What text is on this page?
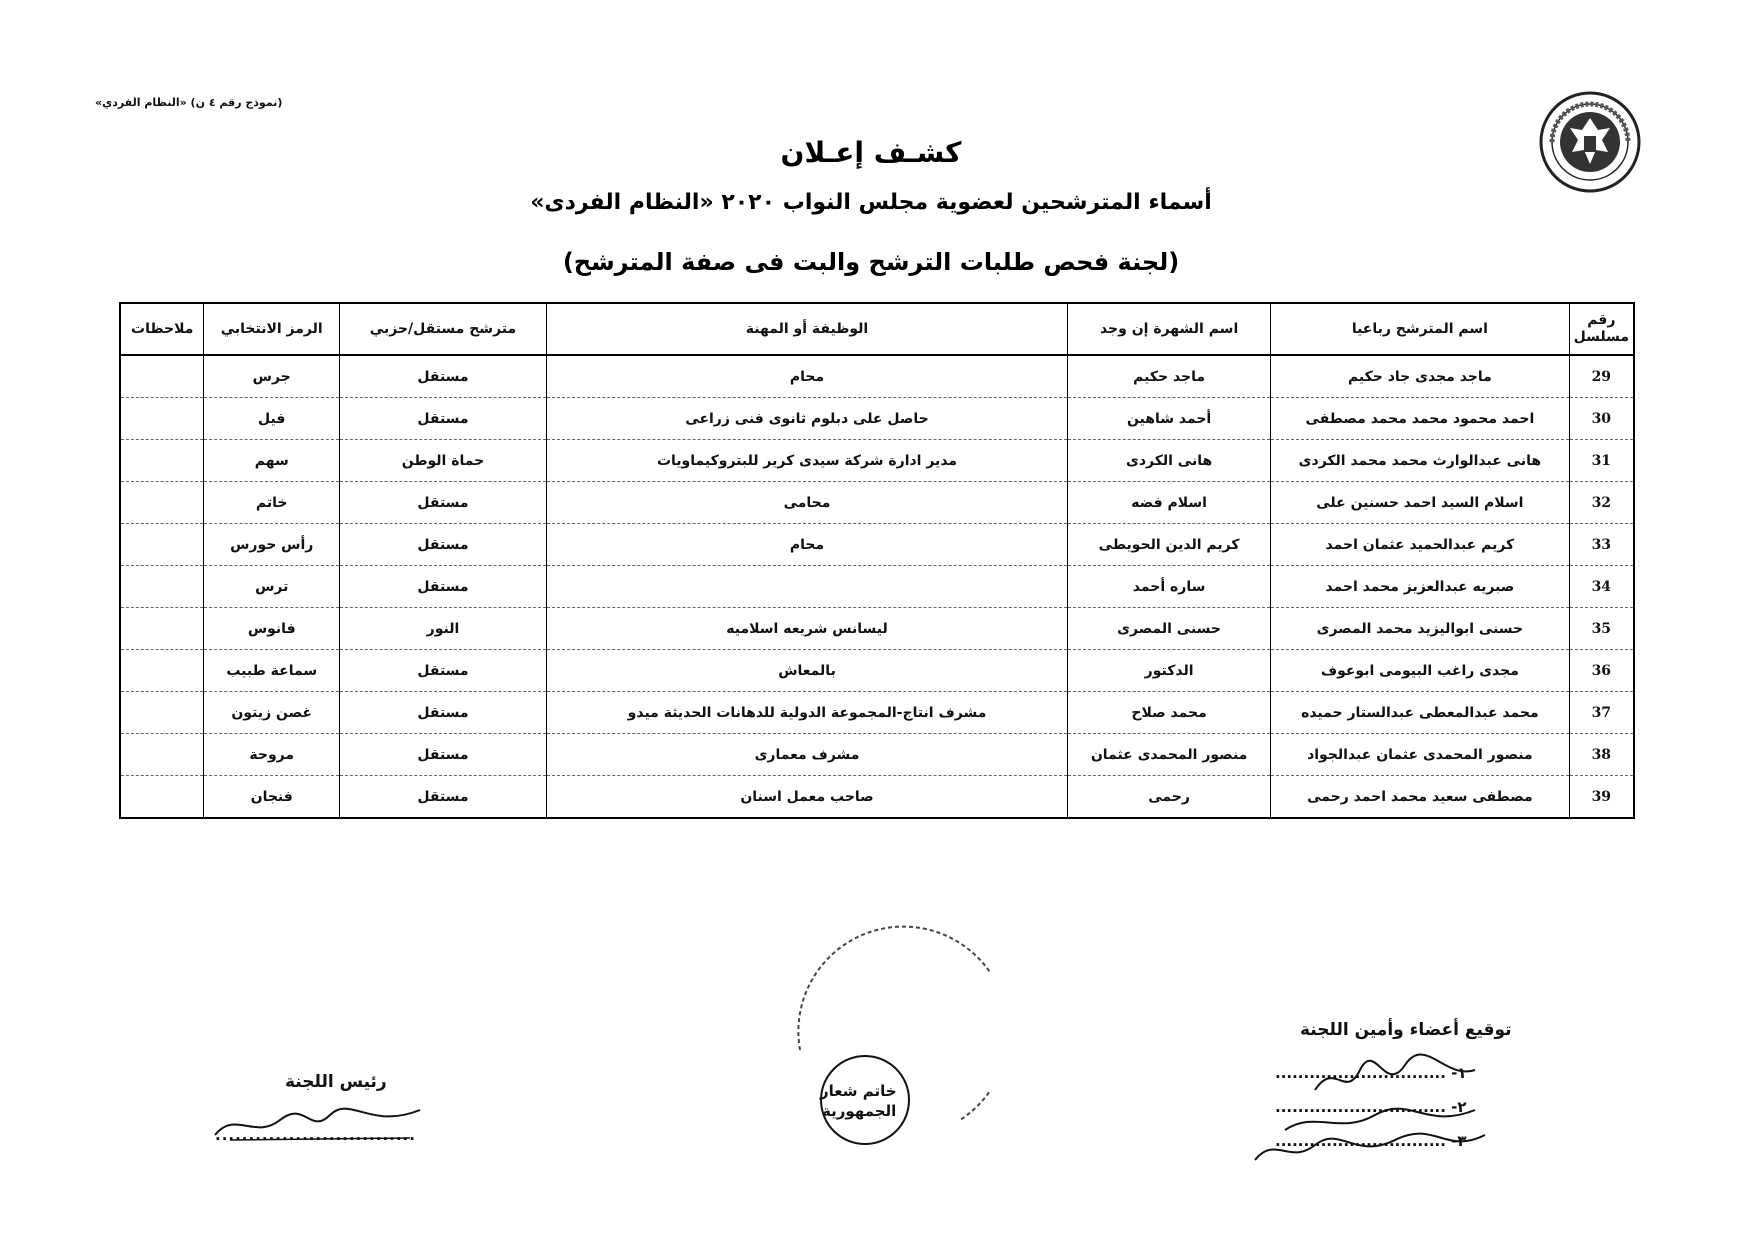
(نموذج رقم ٤ ن) «النظام الفردي»
كشـف إعـلان
أسماء المترشحين لعضوية مجلس النواب ٢٠٢٠ «النظام الفردى»
(لجنة فحص طلبات الترشح والبت فى صفة المترشح)
رقم مسلسل	اسم المترشح رباعيا	اسم الشهرة إن وجد	الوظيفة أو المهنة	مترشح مستقل/حزبي	الرمز الانتخابي	ملاحظات
29	ماجد مجدى جاد حكيم	ماجد حكيم	محام	مستقل	جرس	
30	احمد محمود محمد محمد مصطفى	أحمد شاهين	حاصل على دبلوم ثانوى فنى زراعى	مستقل	فيل	
31	هانى عبدالوارث محمد محمد الكردى	هانى الكردى	مدير ادارة شركة سيدى كرير للبتروكيماويات	حماة الوطن	سهم	
32	اسلام السيد احمد حسنين على	اسلام فضه	محامى	مستقل	خاتم	
33	كريم عبدالحميد عثمان احمد	كريم الدين الحويطى	محام	مستقل	رأس حورس	
34	صبريه عبدالعزيز محمد احمد	ساره أحمد		مستقل	ترس	
35	حسنى ابواليزيد محمد المصرى	حسنى المصرى	ليسانس شريعه اسلاميه	النور	فانوس	
36	مجدى راغب البيومى ابوعوف	الدكتور	بالمعاش	مستقل	سماعة طبيب	
37	محمد عبدالمعطى عبدالستار حميده	محمد صلاح	مشرف انتاج-المجموعة الدولية للدهانات الحديثة ميدو	مستقل	غصن زيتون	
38	منصور المحمدى عثمان عبدالجواد	منصور المحمدى عثمان	مشرف معمارى	مستقل	مروحة	
39	مصطفى سعيد محمد احمد رحمى	رحمى	صاحب معمل اسنان	مستقل	فنجان	
توقيع أعضاء وأمين اللجنة
١- ..............................
٢- ..............................
٣- ..............................
خاتم شعار
الجمهورية
رئيس اللجنة
..............................
